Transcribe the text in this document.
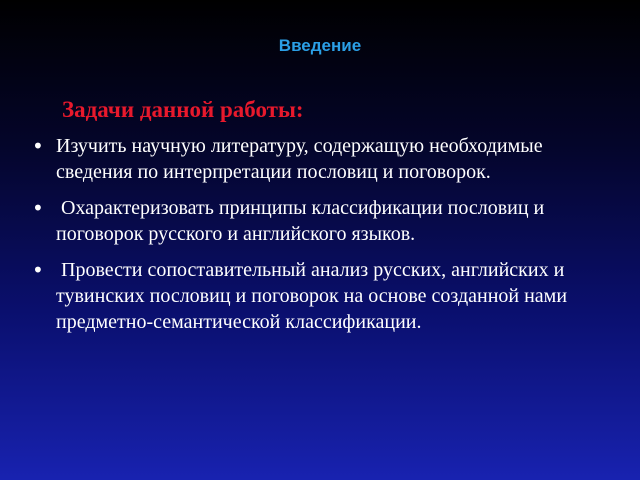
Введение
Задачи данной работы:
• Изучить научную литературу, содержащую необходимые сведения по интерпретации пословиц и поговорок.
• Охарактеризовать принципы классификации пословиц и поговорок русского и английского языков.
• Провести сопоставительный анализ русских, английских и тувинских пословиц и поговорок на основе созданной нами предметно-семантической классификации.
